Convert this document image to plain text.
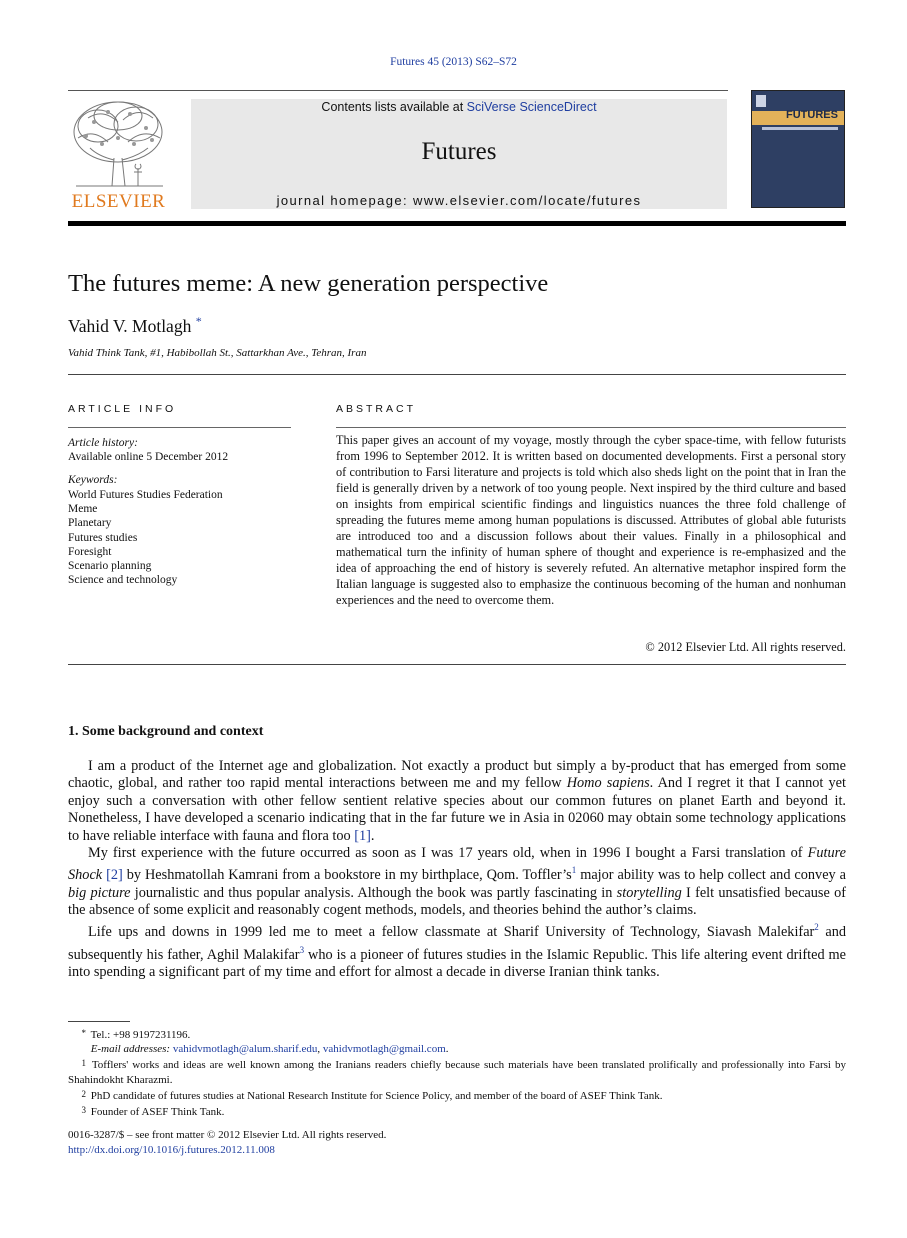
Futures 45 (2013) S62–S72
ELSEVIER
Contents lists available at SciVerse ScienceDirect
Futures
journal homepage: www.elsevier.com/locate/futures
FUTURES
The futures meme: A new generation perspective
Vahid V. Motlagh *
Vahid Think Tank, #1, Habibollah St., Sattarkhan Ave., Tehran, Iran
ARTICLE INFO
Article history:
Available online 5 December 2012
Keywords:
World Futures Studies Federation
Meme
Planetary
Futures studies
Foresight
Scenario planning
Science and technology
ABSTRACT

This paper gives an account of my voyage, mostly through the cyber space-time, with fellow futurists from 1996 to September 2012. It is written based on documented developments. First a personal story of contribution to Farsi literature and projects is told which also sheds light on the point that in Iran the field is generally driven by a network of too young people. Next inspired by the third culture and based on insights from empirical scientific findings and linguistics nuances the three fold challenge of spreading the futures meme among human populations is discussed. Attributes of global able futurists are introduced too and a discussion follows about their values. Finally in a philosophical and mathematical turn the infinity of human sphere of thought and experience is re-emphasized and the idea of approaching the end of history is severely refuted. An alternative metaphor inspired form the Italian language is suggested also to emphasize the continuous becoming of the human and nonhuman experiences and the need to overcome them.

© 2012 Elsevier Ltd. All rights reserved.
1. Some background and context

I am a product of the Internet age and globalization. Not exactly a product but simply a by-product that has emerged from some chaotic, global, and rather too rapid mental interactions between me and my fellow Homo sapiens. And I regret it that I cannot yet enjoy such a conversation with other fellow sentient relative species about our common futures on planet Earth and beyond it. Nonetheless, I have developed a scenario indicating that in the far future we in Asia in 02060 may obtain some technology applications to have reliable interface with fauna and flora too [1].

My first experience with the future occurred as soon as I was 17 years old, when in 1996 I bought a Farsi translation of Future Shock [2] by Heshmatollah Kamrani from a bookstore in my birthplace, Qom. $Toffler’s^1$ major ability was to help collect and convey a big picture journalistic and thus popular analysis. Although the book was partly fascinating in storytelling I felt unsatisfied because of the absence of some explicit and reasonably cogent methods, models, and theories behind the author’s claims.

Life ups and downs in 1999 led me to meet a fellow classmate at Sharif University of Technology, Siavash Malekifar$^2$ and subsequently his father, Aghil Malakifar$^3$ who is a pioneer of futures studies in the Islamic Republic. This life altering event drifted me into spending a significant part of my time and effort for almost a decade in diverse Iranian think tanks.

* Tel.: +98 9197231196.
E-mail addresses: vahidvmotlagh@alum.sharif.edu, vahidvmotlagh@gmail.com.
1 Tofflers' works and ideas are well known among the Iranians readers chiefly because such materials have been translated prolifically and professionally into Farsi by Shahindokht Kharazmi.
2 PhD candidate of futures studies at National Research Institute for Science Policy, and member of the board of ASEF Think Tank.
3 Founder of ASEF Think Tank.
0016-3287/$ – see front matter © 2012 Elsevier Ltd. All rights reserved.
http://dx.doi.org/10.1016/j.futures.2012.11.008
